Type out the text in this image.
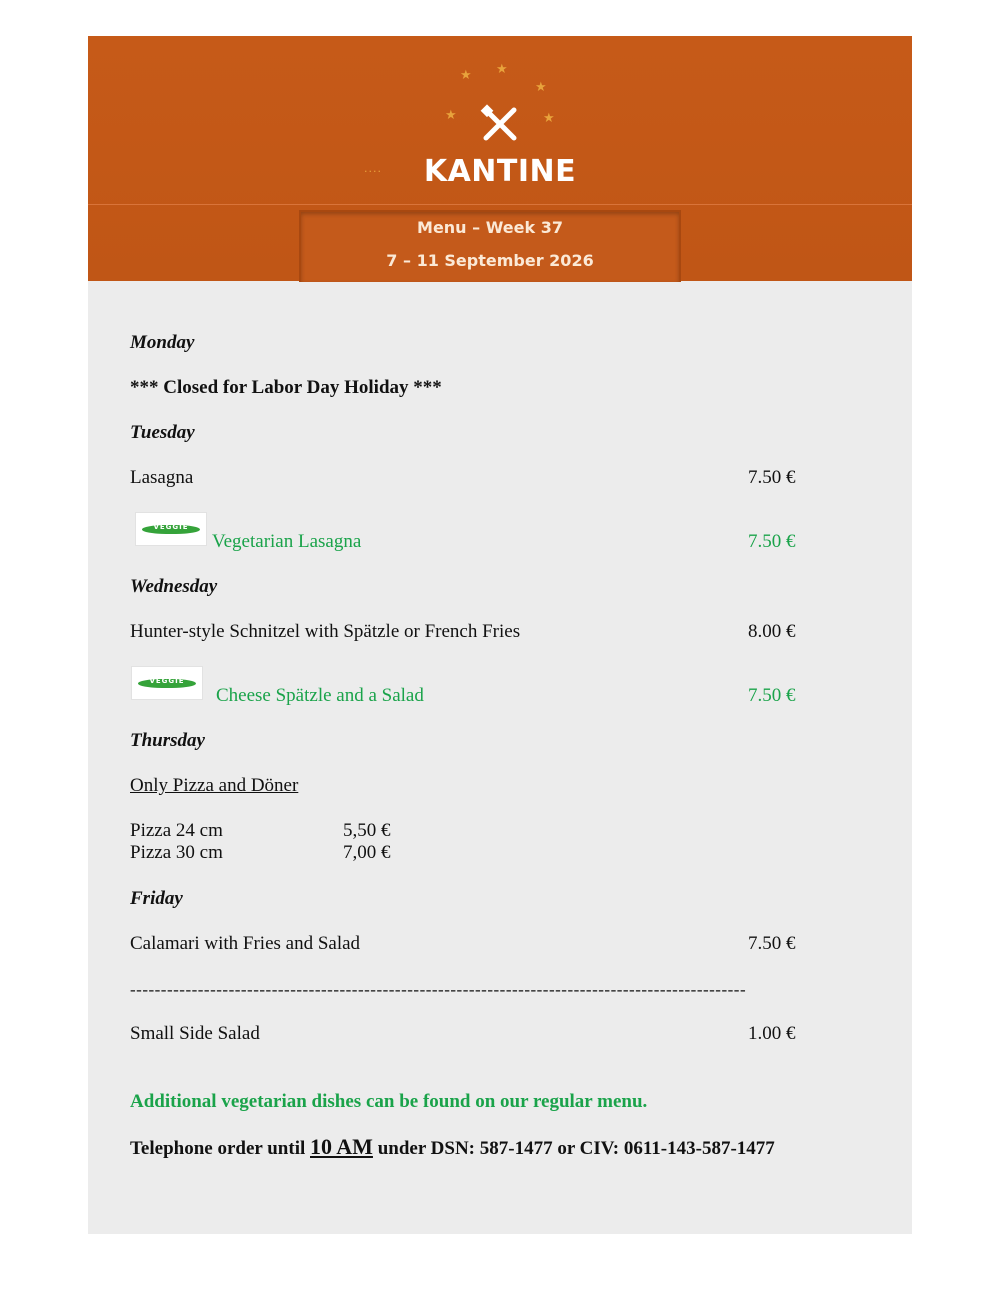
★ ★
★
★	★
....	KANTINE
Menu – Week 37
7 – 11 September 2026
Monday
*** Closed for Labor Day Holiday ***
Tuesday
Lasagna	7.50 €
VEGGIE
Vegetarian Lasagna	7.50 €
Wednesday
Hunter-style Schnitzel with Spätzle or French Fries	8.00 €
VEGGIE
Cheese Spätzle and a Salad	7.50 €
Thursday
Only Pizza and Döner
Pizza 24 cm	5,50 €
Pizza 30 cm	7,00 €
Friday
Calamari with Fries and Salad	7.50 €
----------------------------------------------------------------------------------------------------
Small Side Salad	1.00 €
Additional vegetarian dishes can be found on our regular menu.
Telephone order until 10 AM under DSN: 587-1477 or CIV: 0611-143-587-1477
